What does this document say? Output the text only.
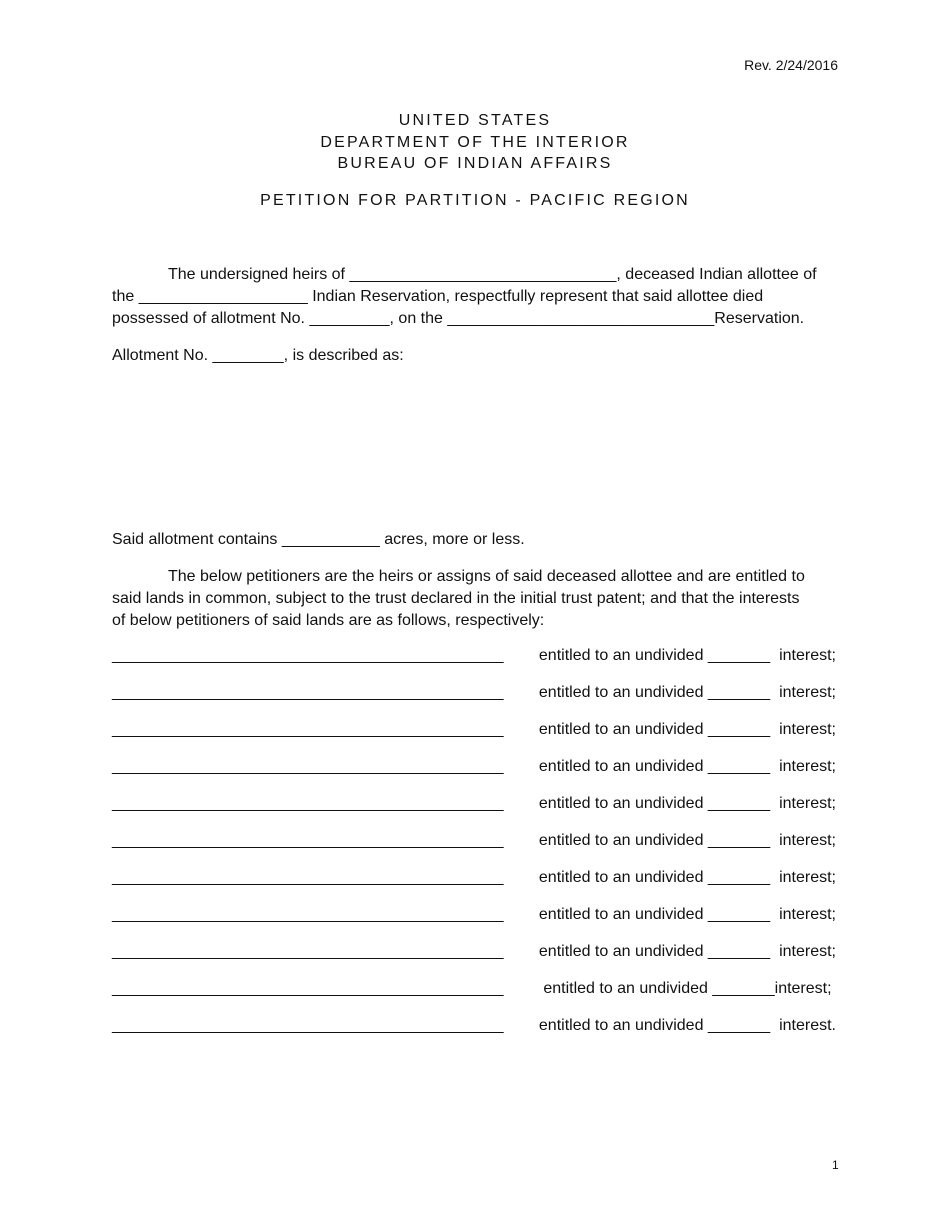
Rev. 2/24/2016
UNITED STATES
DEPARTMENT OF THE INTERIOR
BUREAU OF INDIAN AFFAIRS
PETITION FOR PARTITION - PACIFIC REGION
The undersigned heirs of ______________________________, deceased Indian allottee of
the ___________________ Indian Reservation, respectfully represent that said allottee died
possessed of allotment No. _________, on the ______________________________Reservation.
Allotment No. ________, is described as:
Said allotment contains ___________ acres, more or less.
The below petitioners are the heirs or assigns of said deceased allottee and are entitled to
said lands in common, subject to the trust declared in the initial trust patent; and that the interests
of below petitioners of said lands are as follows, respectively:
____________________________________________ entitled to an undivided _______  interest;
____________________________________________ entitled to an undivided _______  interest;
____________________________________________ entitled to an undivided _______  interest;
____________________________________________ entitled to an undivided _______  interest;
____________________________________________ entitled to an undivided _______  interest;
____________________________________________ entitled to an undivided _______  interest;
____________________________________________ entitled to an undivided _______  interest;
____________________________________________ entitled to an undivided _______  interest;
____________________________________________ entitled to an undivided _______  interest;
____________________________________________ entitled to an undivided _______interest;
____________________________________________ entitled to an undivided _______  interest.
1
